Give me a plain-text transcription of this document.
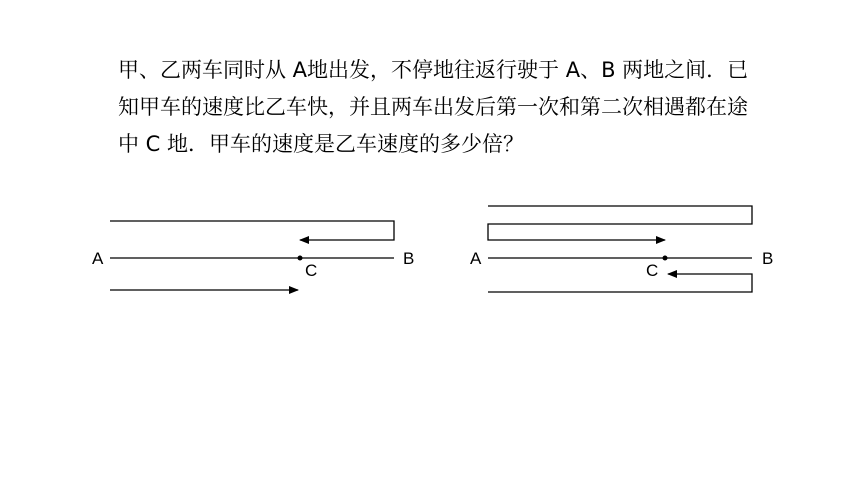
甲、乙两车同时从 A地出发，不停地往返行驶于 A、B 两地之间．已
知甲车的速度比乙车快，并且两车出发后第一次和第二次相遇都在途
中 C 地．甲车的速度是乙车速度的多少倍？
A	B
C
A	B
C
